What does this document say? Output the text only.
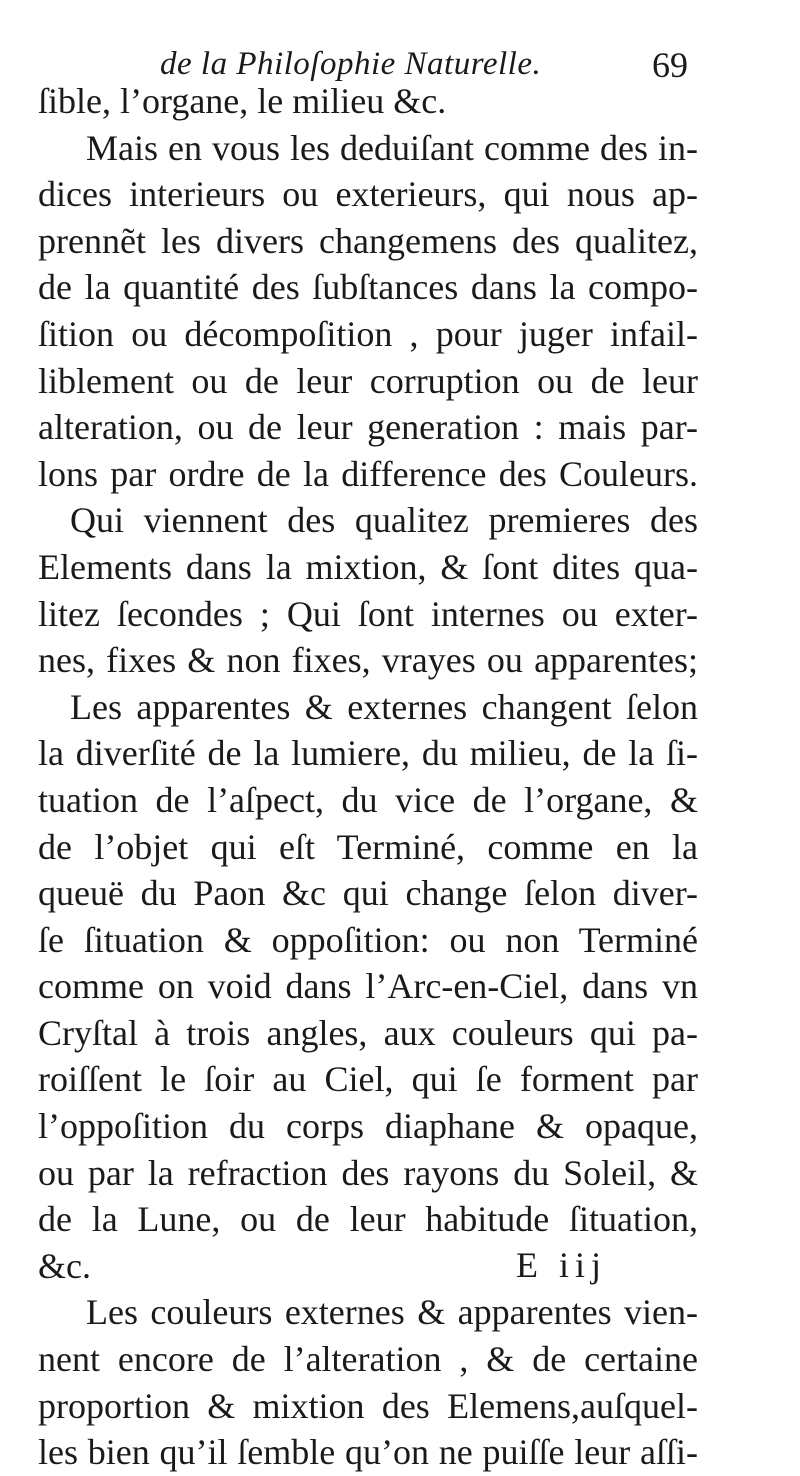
de la Philoſophie Naturelle.	69
ſible, l’organe, le milieu &c.
Mais en vous les deduiſant comme des in-
dices interieurs ou exterieurs, qui nous ap-
prennẽt les divers changemens des qualitez,
de la quantité des ſubſtances dans la compo-
ſition ou décompoſition , pour juger infail-
liblement ou de leur corruption ou de leur
alteration, ou de leur generation : mais par-
lons par ordre de la difference des Couleurs.
Qui viennent des qualitez premieres des
Elements dans la mixtion, & ſont dites qua-
litez ſecondes ; Qui ſont internes ou exter-
nes, fixes & non fixes, vrayes ou apparentes;
Les apparentes & externes changent ſelon
la diverſité de la lumiere, du milieu, de la ſi-
tuation de l’aſpect, du vice de l’organe, &
de l’objet qui eſt Terminé, comme en la
queuë du Paon &c qui change ſelon diver-
ſe ſituation & oppoſition: ou non Terminé
comme on void dans l’Arc-en-Ciel, dans vn
Cryſtal à trois angles, aux couleurs qui pa-
roiſſent le ſoir au Ciel, qui ſe forment par
l’oppoſition du corps diaphane & opaque,
ou par la refraction des rayons du Soleil, &
de la Lune, ou de leur habitude ſituation,
&c.
Les couleurs externes & apparentes vien-
nent encore de l’alteration , & de certaine
proportion & mixtion des Elemens,auſquel-
les bien qu’il ſemble qu’on ne puiſſe leur aſſi-
E iij
